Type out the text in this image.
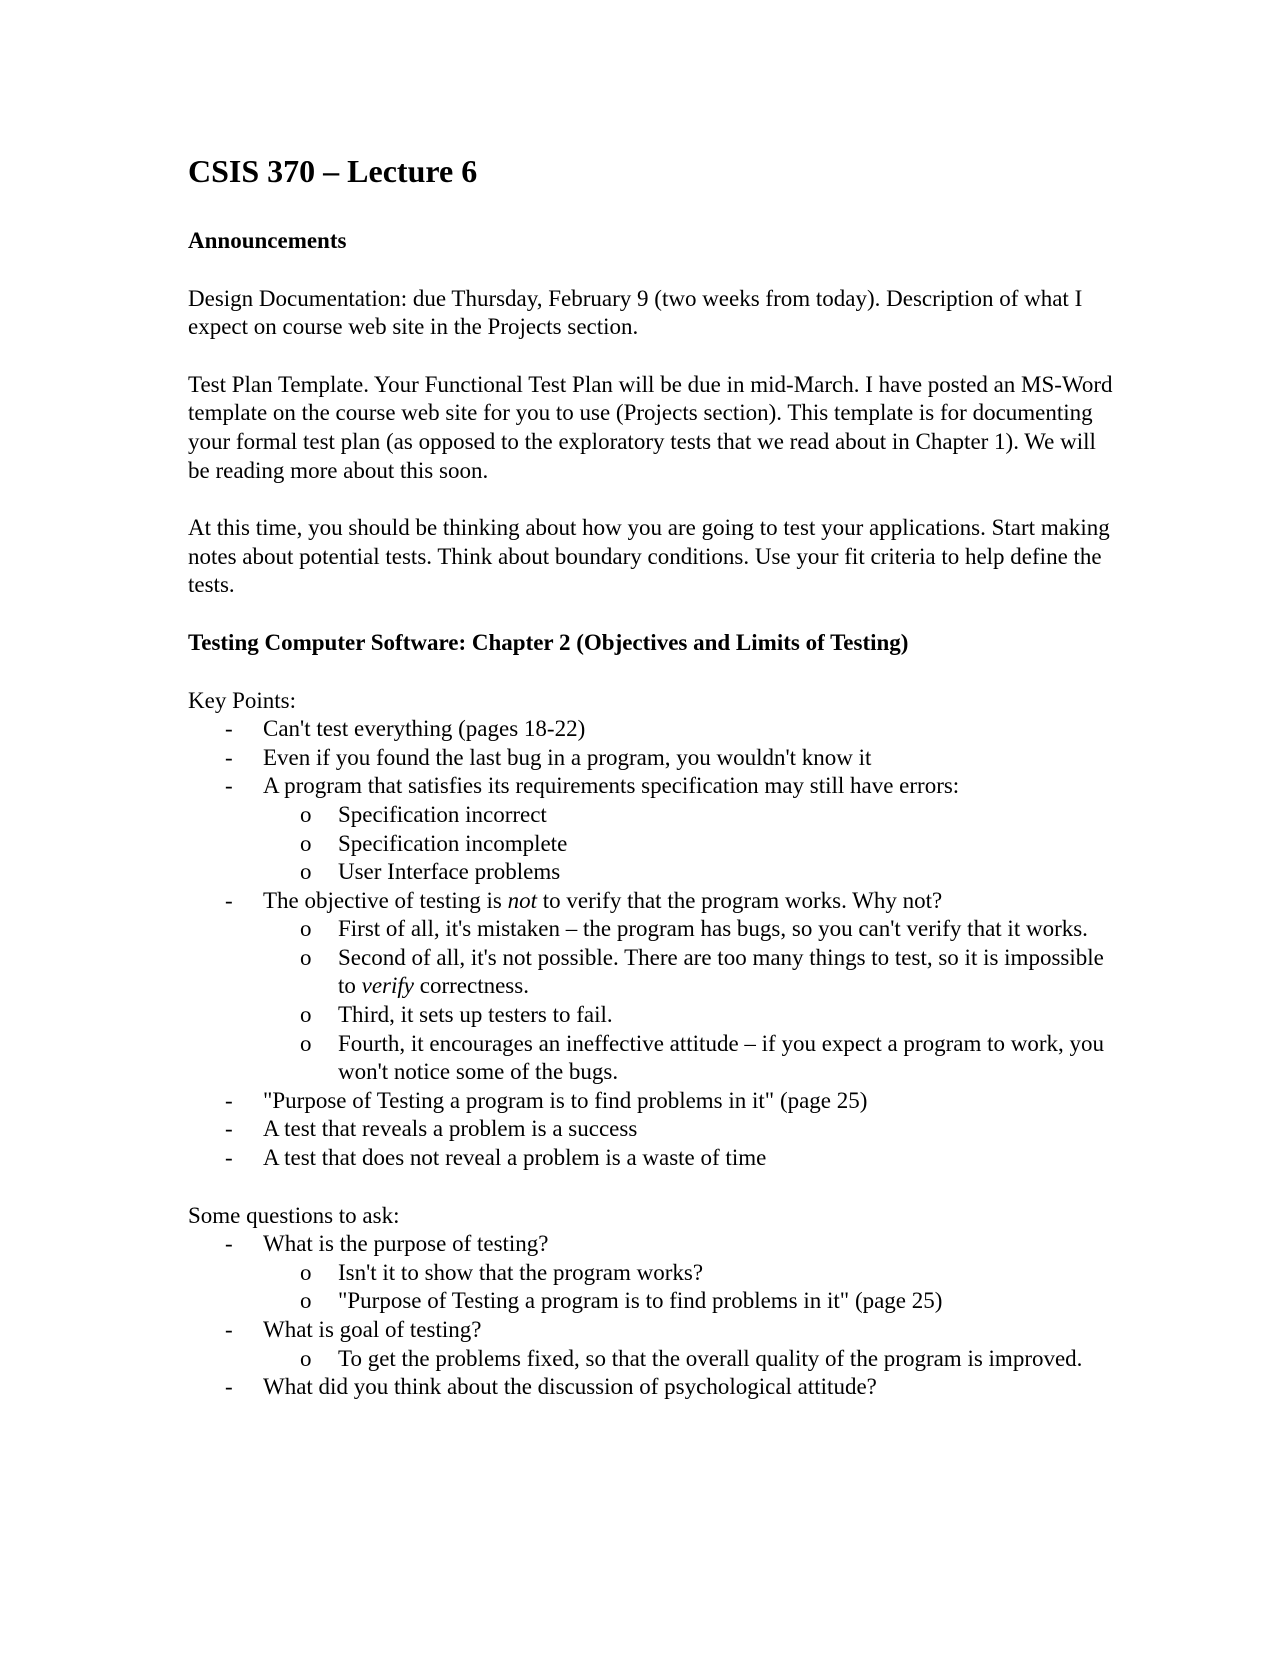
CSIS 370 – Lecture 6
Announcements

Design Documentation: due Thursday, February 9 (two weeks from today). Description of what I expect on course web site in the Projects section.

Test Plan Template. Your Functional Test Plan will be due in mid-March. I have posted an MS-Word template on the course web site for you to use (Projects section). This template is for documenting your formal test plan (as opposed to the exploratory tests that we read about in Chapter 1). We will be reading more about this soon.

At this time, you should be thinking about how you are going to test your applications. Start making notes about potential tests. Think about boundary conditions. Use your fit criteria to help define the tests.

Testing Computer Software: Chapter 2 (Objectives and Limits of Testing)

Key Points:

- Can't test everything (pages 18-22)
- Even if you found the last bug in a program, you wouldn't know it
- A program that satisfies its requirements specification may still have errors:
o Specification incorrect
o Specification incomplete
o User Interface problems
- The objective of testing is not to verify that the program works. Why not?
o First of all, it's mistaken – the program has bugs, so you can't verify that it works.
o Second of all, it's not possible. There are too many things to test, so it is impossible to verify correctness.
o Third, it sets up testers to fail.
o Fourth, it encourages an ineffective attitude – if you expect a program to work, you won't notice some of the bugs.
- "Purpose of Testing a program is to find problems in it" (page 25)
- A test that reveals a problem is a success
- A test that does not reveal a problem is a waste of time

Some questions to ask:

- What is the purpose of testing?
o Isn't it to show that the program works?
o "Purpose of Testing a program is to find problems in it" (page 25)
- What is goal of testing?
o To get the problems fixed, so that the overall quality of the program is improved.
- What did you think about the discussion of psychological attitude?
